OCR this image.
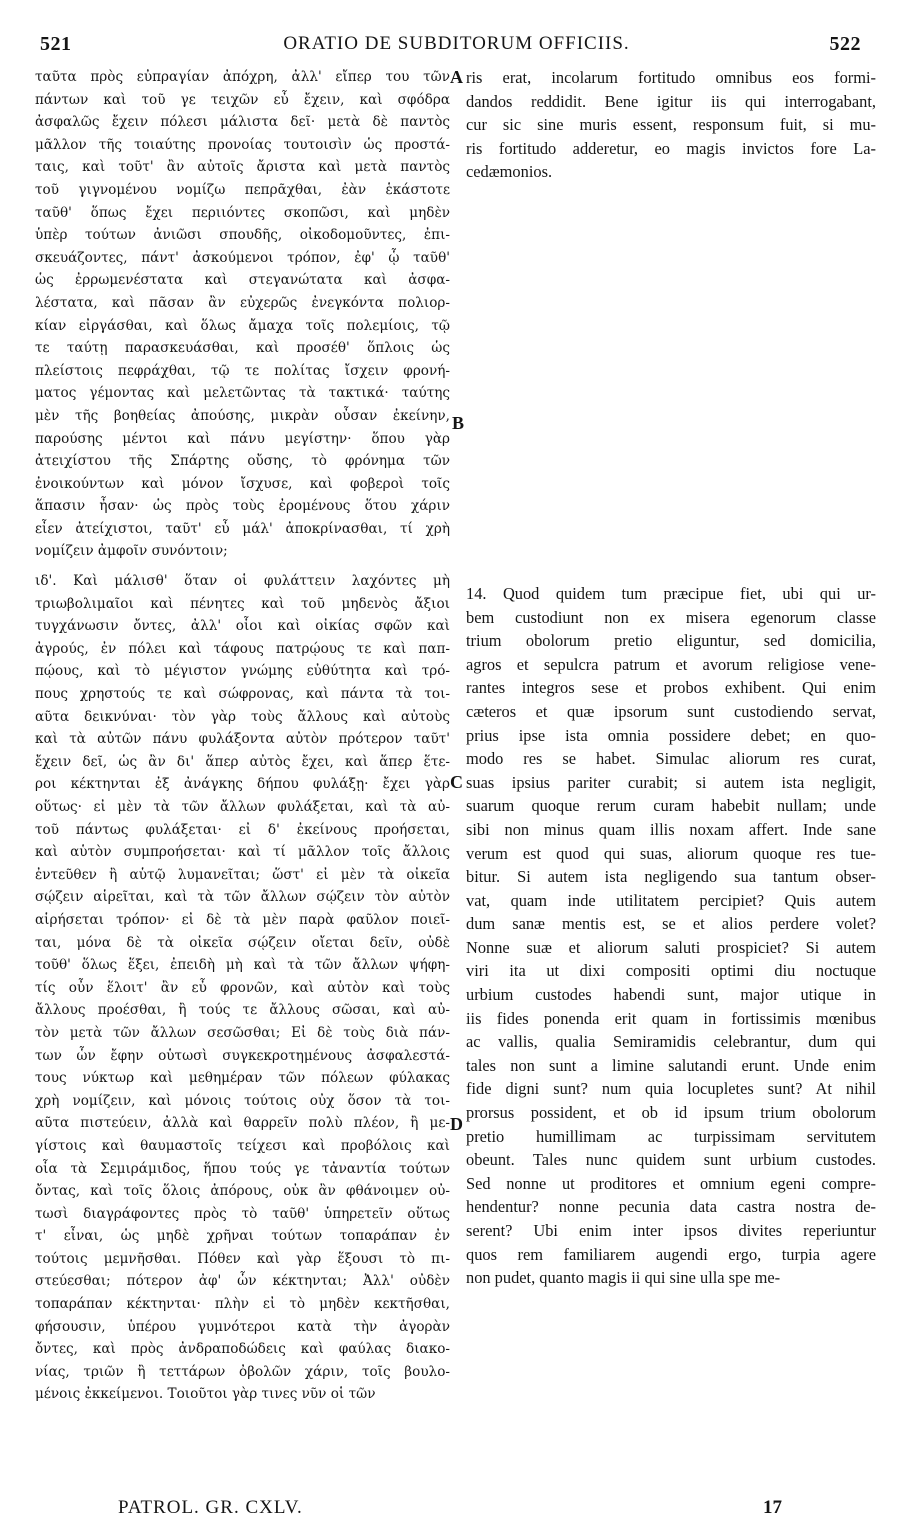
521	ORATIO DE SUBDITORUM OFFICIIS.	522
A
B
C
D
ταῦτα πρὸς εὐπραγίαν ἀπόχρη, ἀλλ' εἴπερ του τῶν
πάντων καὶ τοῦ γε τειχῶν εὖ ἔχειν, καὶ σφόδρα
ἀσφαλῶς ἔχειν πόλεσι μάλιστα δεῖ· μετὰ δὲ παντὸς
μᾶλλον τῆς τοιαύτης προνοίας τουτοισὶν ὡς προστά-
ταις, καὶ τοῦτ' ἂν αὐτοῖς ἄριστα καὶ μετὰ παντὸς
τοῦ γιγνομένου νομίζω πεπρᾶχθαι, ἐὰν ἑκάστοτε
ταῦθ' ὅπως ἔχει περιιόντες σκοπῶσι, καὶ μηδὲν
ὑπὲρ τούτων ἀνιῶσι σπουδῆς, οἰκοδομοῦντες, ἐπι-
σκευάζοντες, πάντ' ἀσκούμενοι τρόπον, ἐφ' ᾧ ταῦθ'
ὡς ἐρρωμενέστατα καὶ στεγανώτατα καὶ ἀσφα-
λέστατα, καὶ πᾶσαν ἂν εὐχερῶς ἐνεγκόντα πολιορ-
κίαν εἰργάσθαι, καὶ ὅλως ἄμαχα τοῖς πολεμίοις, τῷ
τε ταύτῃ παρασκευάσθαι, καὶ προσέθ' ὅπλοις ὡς
πλείστοις πεφράχθαι, τῷ τε πολίτας ἴσχειν φρονή-
ματος γέμοντας καὶ μελετῶντας τὰ τακτικά· ταύτης
μὲν τῆς βοηθείας ἀπούσης, μικρὰν οὖσαν ἐκείνην,
παρούσης μέντοι καὶ πάνυ μεγίστην· ὅπου γὰρ
ἀτειχίστου τῆς Σπάρτης οὔσης, τὸ φρόνημα τῶν
ἐνοικούντων καὶ μόνον ἴσχυσε, καὶ φοβεροὶ τοῖς
ἅπασιν ἦσαν· ὡς πρὸς τοὺς ἐρομένους ὅτου χάριν
εἶεν ἀτείχιστοι, ταῦτ' εὖ μάλ' ἀποκρίνασθαι, τί χρὴ
νομίζειν ἀμφοῖν συνόντοιν;
ιδ'. Καὶ μάλισθ' ὅταν οἱ φυλάττειν λαχόντες μὴ
τριωβολιμαῖοι καὶ πένητες καὶ τοῦ μηδενὸς ἄξιοι
τυγχάνωσιν ὄντες, ἀλλ' οἷοι καὶ οἰκίας σφῶν καὶ
ἀγρούς, ἐν πόλει καὶ τάφους πατρῴους τε καὶ παπ-
πῴους, καὶ τὸ μέγιστον γνώμης εὐθύτητα καὶ τρό-
πους χρηστούς τε καὶ σώφρονας, καὶ πάντα τὰ τοι-
αῦτα δεικνύναι· τὸν γὰρ τοὺς ἄλλους καὶ αὐτοὺς
καὶ τὰ αὐτῶν πάνυ φυλάξοντα αὐτὸν πρότερον ταῦτ'
ἔχειν δεῖ, ὡς ἂν δι' ἅπερ αὐτὸς ἔχει, καὶ ἅπερ ἕτε-
ροι κέκτηνται ἐξ ἀνάγκης δήπου φυλάξῃ· ἔχει γὰρ
οὕτως· εἰ μὲν τὰ τῶν ἄλλων φυλάξεται, καὶ τὰ αὐ-
τοῦ πάντως φυλάξεται· εἰ δ' ἐκείνους προήσεται,
καὶ αὑτὸν συμπροήσεται· καὶ τί μᾶλλον τοῖς ἄλλοις
ἐντεῦθεν ἢ αὑτῷ λυμανεῖται; ὥστ' εἰ μὲν τὰ οἰκεῖα
σῴζειν αἱρεῖται, καὶ τὰ τῶν ἄλλων σῴζειν τὸν αὐτὸν
αἱρήσεται τρόπον· εἰ δὲ τὰ μὲν παρὰ φαῦλον ποιεῖ-
ται, μόνα δὲ τὰ οἰκεῖα σῴζειν οἴεται δεῖν, οὐδὲ
τοῦθ' ὅλως ἕξει, ἐπειδὴ μὴ καὶ τὰ τῶν ἄλλων ψήφη-
τίς οὖν ἕλοιτ' ἂν εὖ φρονῶν, καὶ αὑτὸν καὶ τοὺς
ἄλλους προέσθαι, ἢ τούς τε ἄλλους σῶσαι, καὶ αὐ-
τὸν μετὰ τῶν ἄλλων σεσῶσθαι; Εἰ δὲ τοὺς διὰ πάν-
των ὧν ἔφην οὑτωσὶ συγκεκροτημένους ἀσφαλεστά-
τους νύκτωρ καὶ μεθημέραν τῶν πόλεων φύλακας
χρὴ νομίζειν, καὶ μόνοις τούτοις οὐχ ὅσον τὰ τοι-
αῦτα πιστεύειν, ἀλλὰ καὶ θαρρεῖν πολὺ πλέον, ἢ με-
γίστοις καὶ θαυμαστοῖς τείχεσι καὶ προβόλοις καὶ
οἷα τὰ Σεμιράμιδος, ἥπου τούς γε τἀναντία τούτων
ὄντας, καὶ τοῖς ὅλοις ἀπόρους, οὐκ ἂν φθάνοιμεν οὐ-
τωσὶ διαγράφοντες πρὸς τὸ ταῦθ' ὑπηρετεῖν οὕτως
τ' εἶναι, ὡς μηδὲ χρῆναι τούτων τοπαράπαν ἐν
τούτοις μεμνῆσθαι. Πόθεν καὶ γὰρ ἕξουσι τὸ πι-
στεύεσθαι; πότερον ἀφ' ὧν κέκτηνται; Ἀλλ' οὐδὲν
τοπαράπαν κέκτηνται· πλὴν εἰ τὸ μηδὲν κεκτῆσθαι,
φήσουσιν, ὑπέρου γυμνότεροι κατὰ τὴν ἀγορὰν
ὄντες, καὶ πρὸς ἀνδραποδώδεις καὶ φαύλας διακο-
νίας, τριῶν ἢ τεττάρων ὀβολῶν χάριν, τοῖς βουλο-
μένοις ἐκκείμενοι. Τοιοῦτοι γὰρ τινες νῦν οἱ τῶν
ris erat, incolarum fortitudo omnibus eos formi-
dandos reddidit. Bene igitur iis qui interrogabant,
cur sic sine muris essent, responsum fuit, si mu-
ris fortitudo adderetur, eo magis invictos fore La-
cedæmonios.
14. Quod quidem tum præcipue fiet, ubi qui ur-
bem custodiunt non ex misera egenorum classe
trium obolorum pretio eliguntur, sed domicilia,
agros et sepulcra patrum et avorum religiose vene-
rantes integros sese et probos exhibent. Qui enim
cæteros et quæ ipsorum sunt custodiendo servat,
prius ipse ista omnia possidere debet; en quo-
modo res se habet. Simulac aliorum res curat,
suas ipsius pariter curabit; si autem ista negligit,
suarum quoque rerum curam habebit nullam; unde
sibi non minus quam illis noxam affert. Inde sane
verum est quod qui suas, aliorum quoque res tue-
bitur. Si autem ista negligendo sua tantum obser-
vat, quam inde utilitatem percipiet? Quis autem
dum sanæ mentis est, se et alios perdere volet?
Nonne suæ et aliorum saluti prospiciet? Si autem
viri ita ut dixi compositi optimi diu noctuque
urbium custodes habendi sunt, major utique in
iis fides ponenda erit quam in fortissimis mœnibus
ac vallis, qualia Semiramidis celebrantur, dum qui
tales non sunt a limine salutandi erunt. Unde enim
fide digni sunt? num quia locupletes sunt? At nihil
prorsus possident, et ob id ipsum trium obolorum
pretio humillimam ac turpissimam servitutem
obeunt. Tales nunc quidem sunt urbium custodes.
Sed nonne ut proditores et omnium egeni compre-
hendentur? nonne pecunia data castra nostra de-
serent? Ubi enim inter ipsos divites reperiuntur
quos rem familiarem augendi ergo, turpia agere
non pudet, quanto magis ii qui sine ulla spe me-
PATROL. GR. CXLV.	17
